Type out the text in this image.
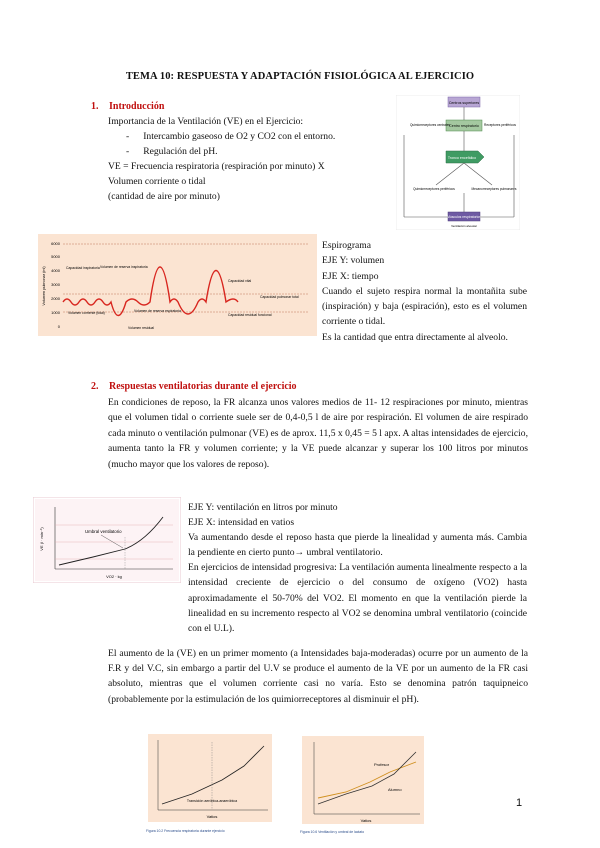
TEMA 10: RESPUESTA Y ADAPTACIÓN FISIOLÓGICA AL EJERCICIO
1. Introducción
Importancia de la Ventilación (VE) en el Ejercicio:
- Intercambio gaseoso de O2 y CO2 con el entorno.
- Regulación del pH.
VE = Frecuencia respiratoria (respiración por minuto) X
Volumen corriente o tidal
(cantidad de aire por minuto)
Centros superiores
Centro respiratorio
Quimiorreceptores centrales	Receptores periféricos
Tronco encefálico
Quimiorreceptores periféricos	Mecanorreceptores pulmonares
Músculos respiratorios
Ventilación alveolar
Volumen pulmonar (ml)
6000
5000
4000
3000
2000
1000
0
Capacidad inspiratoria Volumen de reserva inspiratoria
Capacidad vital
Capacidad pulmonar total
Volumen corriente (tidal)	Volumen de reserva espiratoria
Capacidad residual funcional
Volumen residual
Espirograma
EJE Y: volumen
EJE X: tiempo
Cuando el sujeto respira normal la montañita sube (inspiración) y baja (espiración), esto es el volumen corriente o tidal.
Es la cantidad que entra directamente al alveolo.
2. Respuestas ventilatorias durante el ejercicio
En condiciones de reposo, la FR alcanza unos valores medios de 11- 12 respiraciones por minuto, mientras que el volumen tidal o corriente suele ser de 0,4-0,5 l de aire por respiración. El volumen de aire respirado cada minuto o ventilación pulmonar (VE) es de aprox. 11,5 x 0,45 = 5 l apx. A altas intensidades de ejercicio, aumenta tanto la FR y volumen corriente; y la VE puede alcanzar y superar los 100 litros por minutos (mucho mayor que los valores de reposo).
VE (l · min⁻¹)	Umbral ventilatorio
VO2 · kg
EJE Y: ventilación en litros por minuto
EJE X: intensidad en vatios
Va aumentando desde el reposo hasta que pierde la linealidad y aumenta más. Cambia la pendiente en cierto punto→ umbral ventilatorio.
En ejercicios de intensidad progresiva: La ventilación aumenta linealmente respecto a la intensidad creciente de ejercicio o del consumo de oxígeno (VO2) hasta aproximadamente el 50-70% del VO2. El momento en que la ventilación pierde la linealidad en su incremento respecto al VO2 se denomina umbral ventilatorio (coincide con el U.L).
El aumento de la (VE) en un primer momento (a Intensidades baja-moderadas) ocurre por un aumento de la F.R y del V.C, sin embargo a partir del U.V se produce el aumento de la VE por un aumento de la FR casi absoluto, mientras que el volumen corriente casi no varía. Esto se denomina patrón taquipneico (probablemente por la estimulación de los quimiorreceptores al disminuir el pH).
Transición aeróbica-anaeróbica
Vatios
Figura 10.2 Frecuencia respiratoria durante ejercicio
Profesor
Alumno
Vatios
Figura 10.6 Ventilación y umbral de lactato
1
